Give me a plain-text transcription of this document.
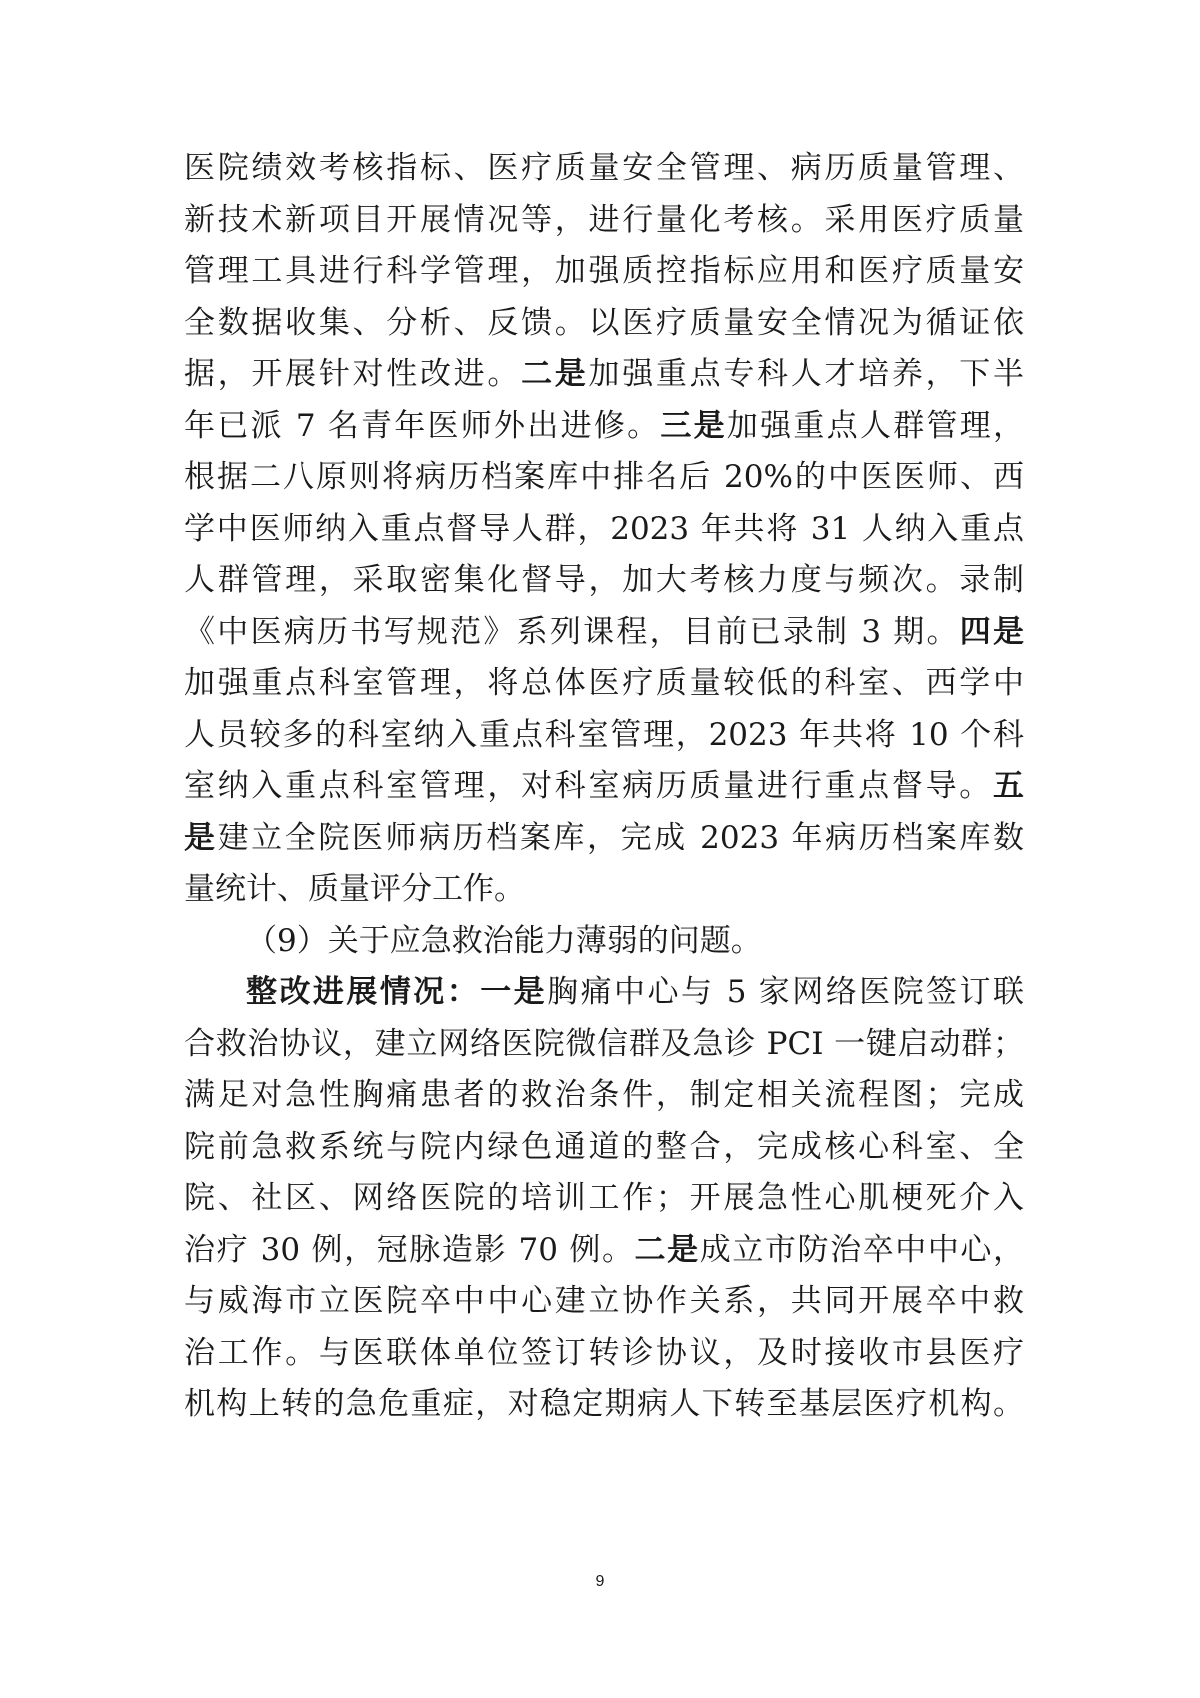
医院绩效考核指标、医疗质量安全管理、病历质量管理、
新技术新项目开展情况等，进行量化考核。采用医疗质量
管理工具进行科学管理，加强质控指标应用和医疗质量安
全数据收集、分析、反馈。以医疗质量安全情况为循证依
据，开展针对性改进。二是加强重点专科人才培养，下半
年已派 7 名青年医师外出进修。三是加强重点人群管理，
根据二八原则将病历档案库中排名后 20%的中医医师、西
学中医师纳入重点督导人群，2023 年共将 31 人纳入重点
人群管理，采取密集化督导，加大考核力度与频次。录制
《中医病历书写规范》系列课程，目前已录制 3 期。四是
加强重点科室管理，将总体医疗质量较低的科室、西学中
人员较多的科室纳入重点科室管理，2023 年共将 10 个科
室纳入重点科室管理，对科室病历质量进行重点督导。五
是建立全院医师病历档案库，完成 2023 年病历档案库数
量统计、质量评分工作。
（9）关于应急救治能力薄弱的问题。
整改进展情况：一是胸痛中心与 5 家网络医院签订联
合救治协议，建立网络医院微信群及急诊 PCI 一键启动群；
满足对急性胸痛患者的救治条件，制定相关流程图；完成
院前急救系统与院内绿色通道的整合，完成核心科室、全
院、社区、网络医院的培训工作；开展急性心肌梗死介入
治疗 30 例，冠脉造影 70 例。二是成立市防治卒中中心，
与威海市立医院卒中中心建立协作关系，共同开展卒中救
治工作。与医联体单位签订转诊协议，及时接收市县医疗
机构上转的急危重症，对稳定期病人下转至基层医疗机构。
9
